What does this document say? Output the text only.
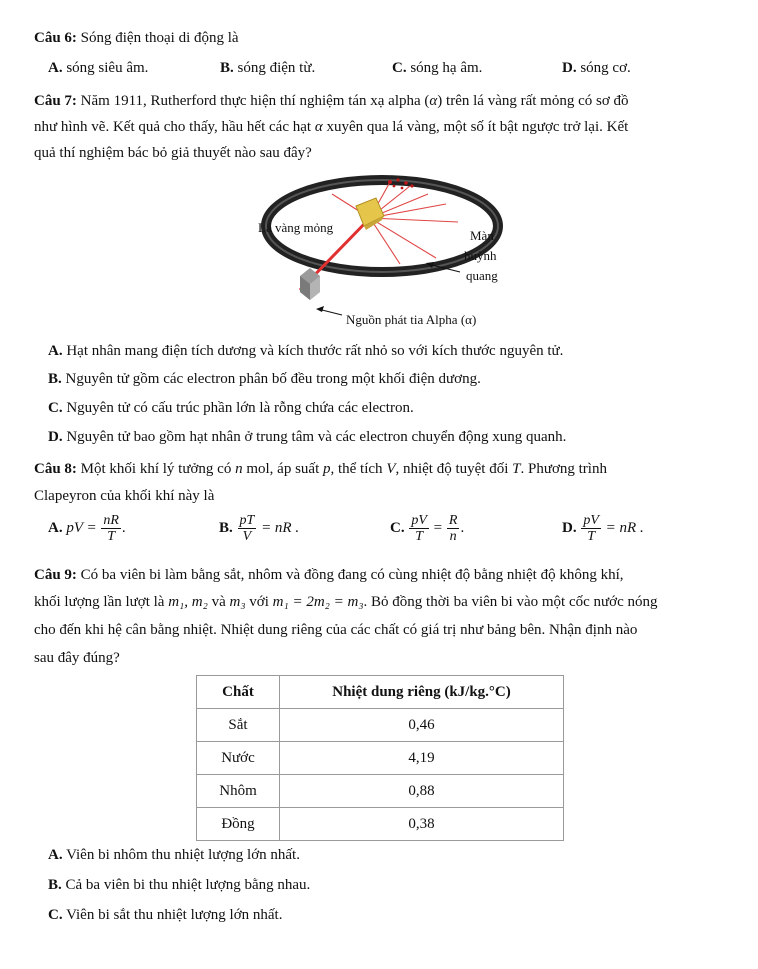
Câu 6: Sóng điện thoại di động là
A. sóng siêu âm.	B. sóng điện từ.	C. sóng hạ âm.	D. sóng cơ.
Câu 7: Năm 1911, Rutherford thực hiện thí nghiệm tán xạ alpha (α) trên lá vàng rất mỏng có sơ đồ
như hình vẽ. Kết quả cho thấy, hầu hết các hạt α xuyên qua lá vàng, một số ít bật ngược trở lại. Kết
quả thí nghiệm bác bỏ giả thuyết nào sau đây?
Lá vàng mỏng
Màn
huỳnh
quang
Nguồn phát tia Alpha (α)
A. Hạt nhân mang điện tích dương và kích thước rất nhỏ so với kích thước nguyên tử.
B. Nguyên tử gồm các electron phân bố đều trong một khối điện dương.
C. Nguyên tử có cấu trúc phần lớn là rỗng chứa các electron.
D. Nguyên tử bao gồm hạt nhân ở trung tâm và các electron chuyển động xung quanh.
Câu 8: Một khối khí lý tưởng có n mol, áp suất p, thể tích V, nhiệt độ tuyệt đối T. Phương trình
Clapeyron của khối khí này là
A. pV = $\frac{nR}{T}$ .	B. $\frac{pT}{V}$ = nR .	C. $\frac{pV}{T} = \frac{R}{n}$ .	D. $\frac{pV}{T}$ = nR .
Câu 9: Có ba viên bi làm bằng sắt, nhôm và đồng đang có cùng nhiệt độ bằng nhiệt độ không khí,
khối lượng lần lượt là m₁, m₂ và m₃ với m₁ = 2m₂ = m₃. Bỏ đồng thời ba viên bi vào một cốc nước nóng
cho đến khi hệ cân bằng nhiệt. Nhiệt dung riêng của các chất có giá trị như bảng bên. Nhận định nào
sau đây đúng?
Chất	Nhiệt dung riêng (kJ/kg.°C)
Sắt	0,46
Nước	4,19
Nhôm	0,88
Đồng	0,38
A. Viên bi nhôm thu nhiệt lượng lớn nhất.
B. Cả ba viên bi thu nhiệt lượng bằng nhau.
C. Viên bi sắt thu nhiệt lượng lớn nhất.
